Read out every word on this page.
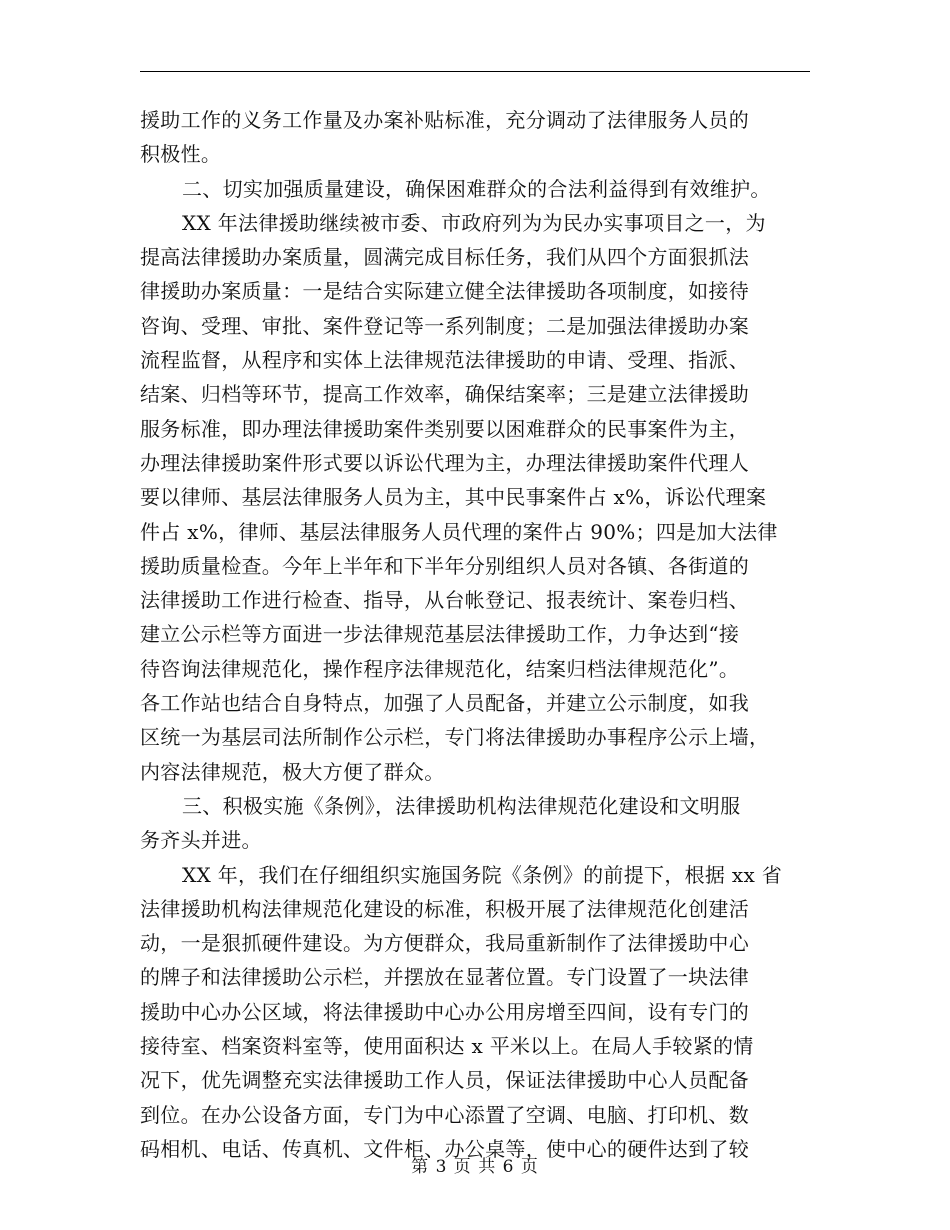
援助工作的义务工作量及办案补贴标准，充分调动了法律服务人员的
积极性。
二、切实加强质量建设，确保困难群众的合法利益得到有效维护。
XX 年法律援助继续被市委、市政府列为为民办实事项目之一，为
提高法律援助办案质量，圆满完成目标任务，我们从四个方面狠抓法
律援助办案质量：一是结合实际建立健全法律援助各项制度，如接待
咨询、受理、审批、案件登记等一系列制度；二是加强法律援助办案
流程监督，从程序和实体上法律规范法律援助的申请、受理、指派、
结案、归档等环节，提高工作效率，确保结案率；三是建立法律援助
服务标准，即办理法律援助案件类别要以困难群众的民事案件为主，
办理法律援助案件形式要以诉讼代理为主，办理法律援助案件代理人
要以律师、基层法律服务人员为主，其中民事案件占 x%，诉讼代理案
件占 x%，律师、基层法律服务人员代理的案件占 90%；四是加大法律
援助质量检查。今年上半年和下半年分别组织人员对各镇、各街道的
法律援助工作进行检查、指导，从台帐登记、报表统计、案卷归档、
建立公示栏等方面进一步法律规范基层法律援助工作，力争达到“接
待咨询法律规范化，操作程序法律规范化，结案归档法律规范化”。
各工作站也结合自身特点，加强了人员配备，并建立公示制度，如我
区统一为基层司法所制作公示栏，专门将法律援助办事程序公示上墙，
内容法律规范，极大方便了群众。
三、积极实施《条例》，法律援助机构法律规范化建设和文明服
务齐头并进。
XX 年，我们在仔细组织实施国务院《条例》的前提下，根据 xx 省
法律援助机构法律规范化建设的标准，积极开展了法律规范化创建活
动，一是狠抓硬件建设。为方便群众，我局重新制作了法律援助中心
的牌子和法律援助公示栏，并摆放在显著位置。专门设置了一块法律
援助中心办公区域，将法律援助中心办公用房增至四间，设有专门的
接待室、档案资料室等，使用面积达 x 平米以上。在局人手较紧的情
况下，优先调整充实法律援助工作人员，保证法律援助中心人员配备
到位。在办公设备方面，专门为中心添置了空调、电脑、打印机、数
码相机、电话、传真机、文件柜、办公桌等，使中心的硬件达到了较
第 3 页 共 6 页
